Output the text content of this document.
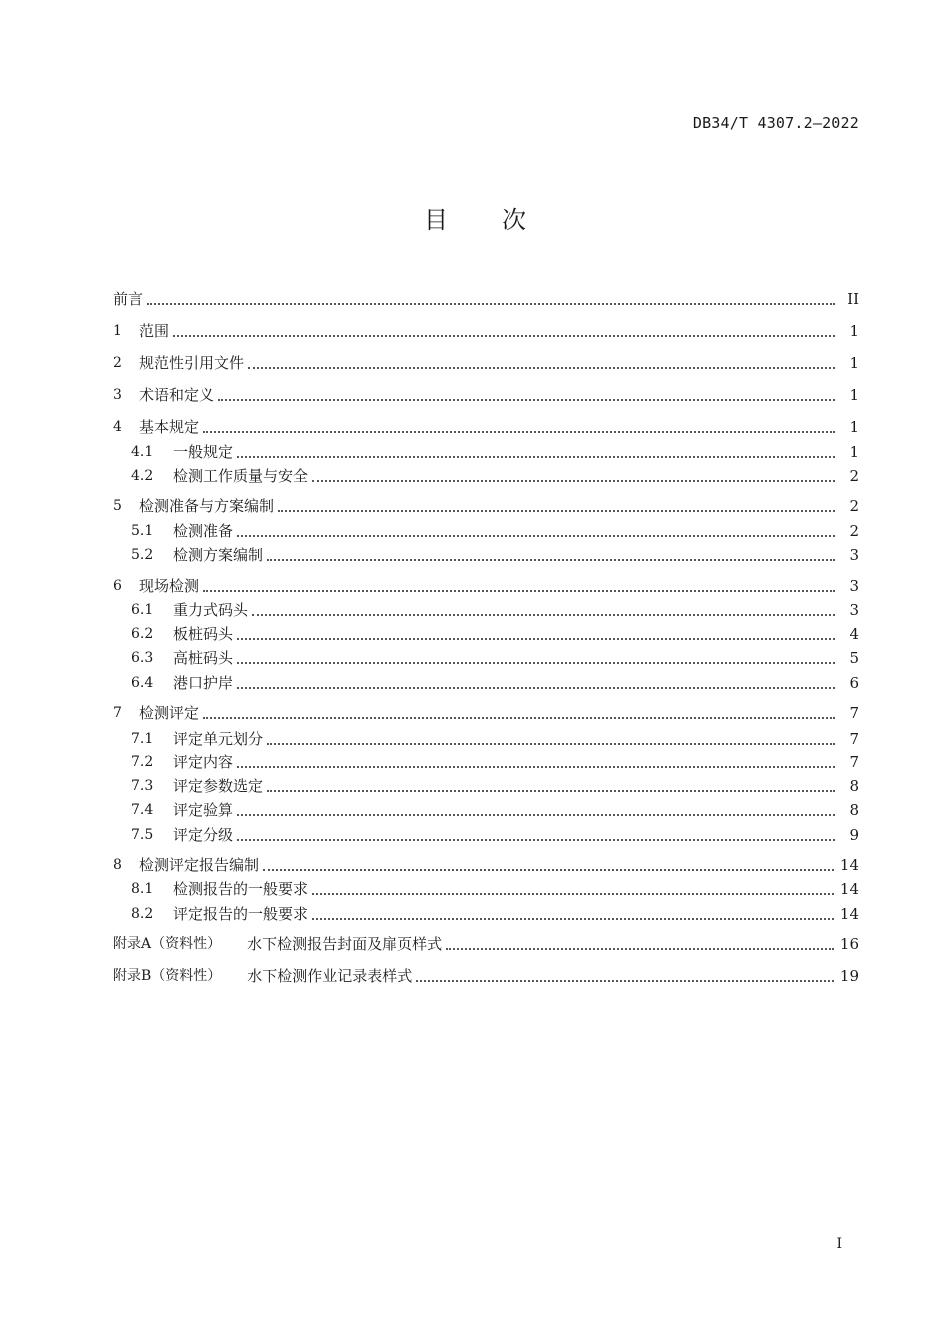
DB34/T 4307.2—2022
目次
前言	II
1	范围	1
2	规范性引用文件	1
3	术语和定义	1
4	基本规定	1
4.1	一般规定	1
4.2	检测工作质量与安全	2
5	检测准备与方案编制	2
5.1	检测准备	2
5.2	检测方案编制	3
6	现场检测	3
6.1	重力式码头	3
6.2	板桩码头	4
6.3	高桩码头	5
6.4	港口护岸	6
7	检测评定	7
7.1	评定单元划分	7
7.2	评定内容	7
7.3	评定参数选定	8
7.4	评定验算	8
7.5	评定分级	9
8	检测评定报告编制	14
8.1	检测报告的一般要求	14
8.2	评定报告的一般要求	14
附录A（资料性） 水下检测报告封面及扉页样式	16
附录B（资料性） 水下检测作业记录表样式	19
I
